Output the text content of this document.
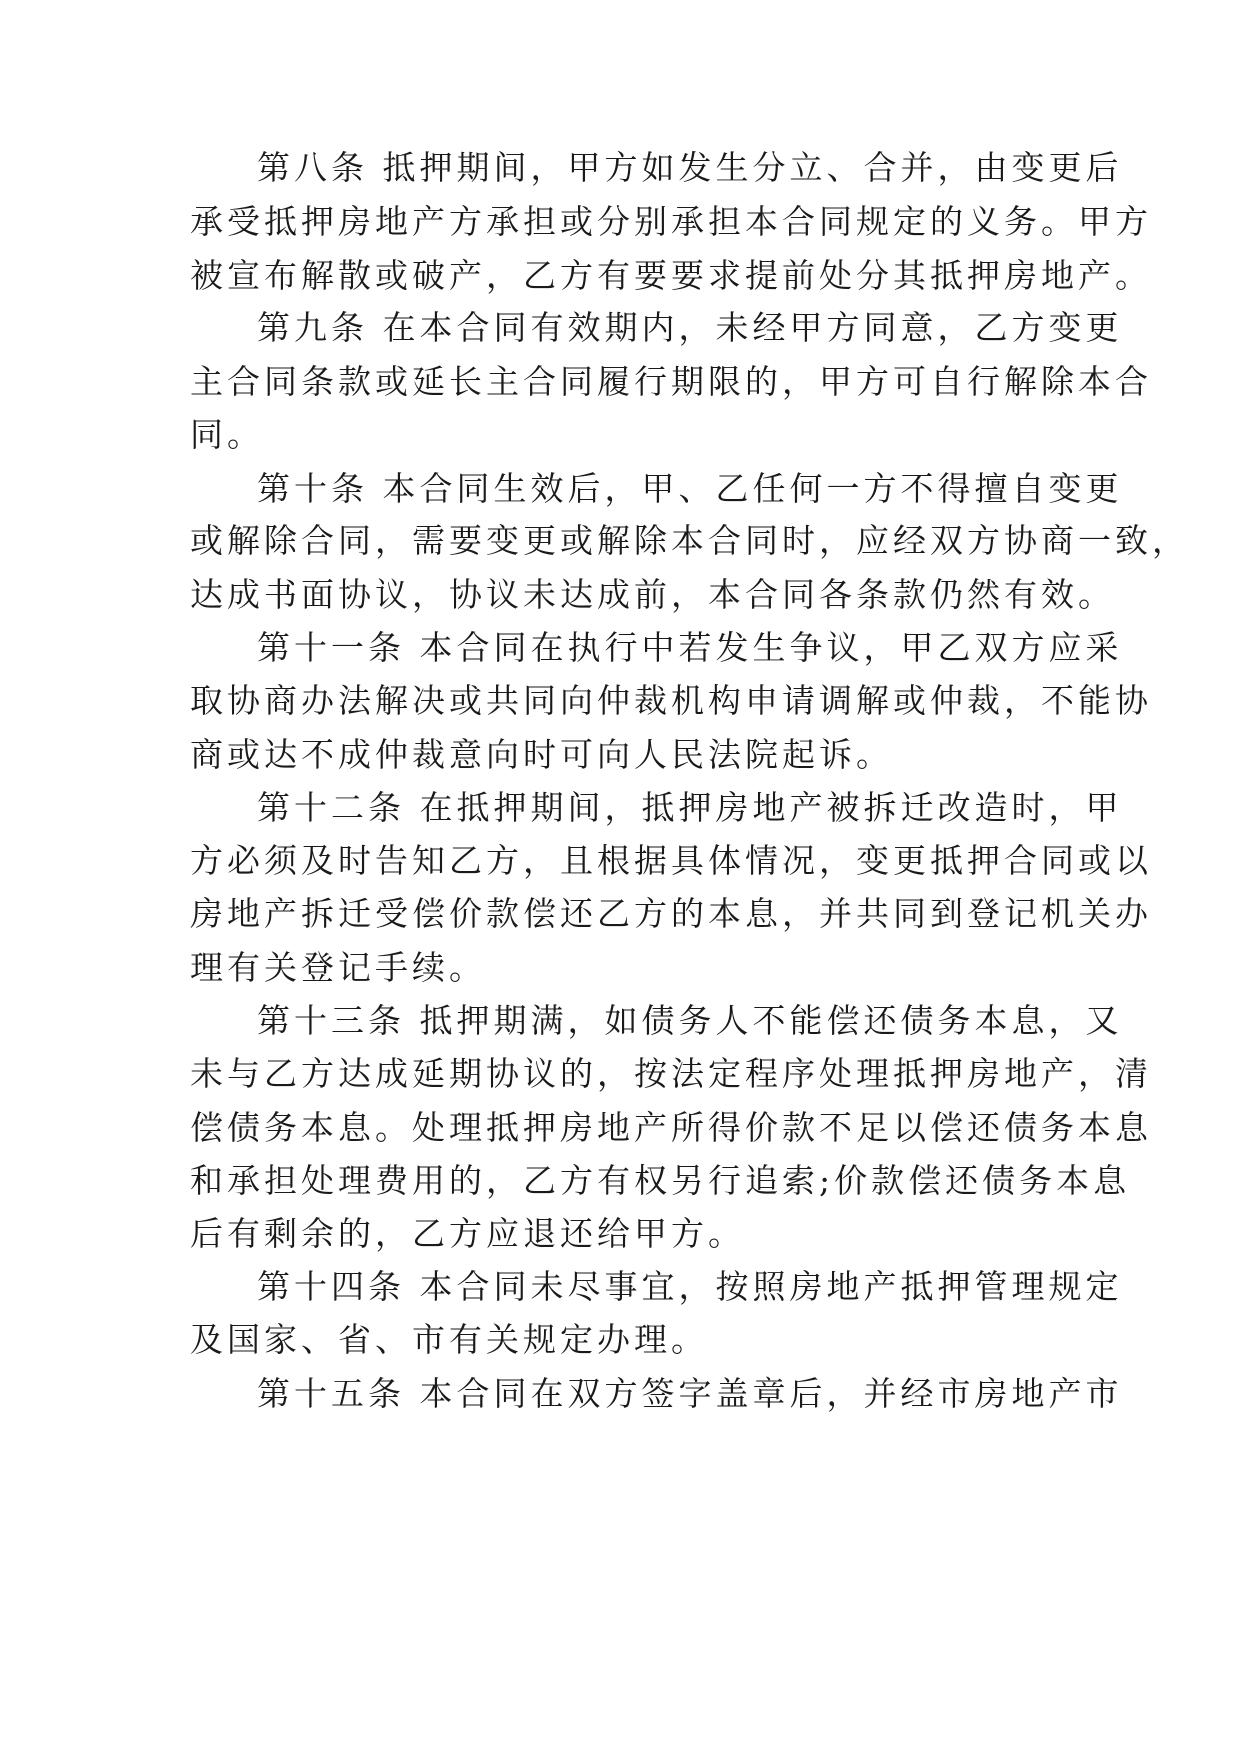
第八条 抵押期间，甲方如发生分立、合并，由变更后
承受抵押房地产方承担或分别承担本合同规定的义务。甲方
被宣布解散或破产，乙方有要要求提前处分其抵押房地产。
第九条 在本合同有效期内，未经甲方同意，乙方变更
主合同条款或延长主合同履行期限的，甲方可自行解除本合
同。
第十条 本合同生效后，甲、乙任何一方不得擅自变更
或解除合同，需要变更或解除本合同时，应经双方协商一致，
达成书面协议，协议未达成前，本合同各条款仍然有效。
第十一条 本合同在执行中若发生争议，甲乙双方应采
取协商办法解决或共同向仲裁机构申请调解或仲裁，不能协
商或达不成仲裁意向时可向人民法院起诉。
第十二条 在抵押期间，抵押房地产被拆迁改造时，甲
方必须及时告知乙方，且根据具体情况，变更抵押合同或以
房地产拆迁受偿价款偿还乙方的本息，并共同到登记机关办
理有关登记手续。
第十三条 抵押期满，如债务人不能偿还债务本息，又
未与乙方达成延期协议的，按法定程序处理抵押房地产，清
偿债务本息。处理抵押房地产所得价款不足以偿还债务本息
和承担处理费用的，乙方有权另行追索;价款偿还债务本息
后有剩余的，乙方应退还给甲方。
第十四条 本合同未尽事宜，按照房地产抵押管理规定
及国家、省、市有关规定办理。
第十五条 本合同在双方签字盖章后，并经市房地产市
